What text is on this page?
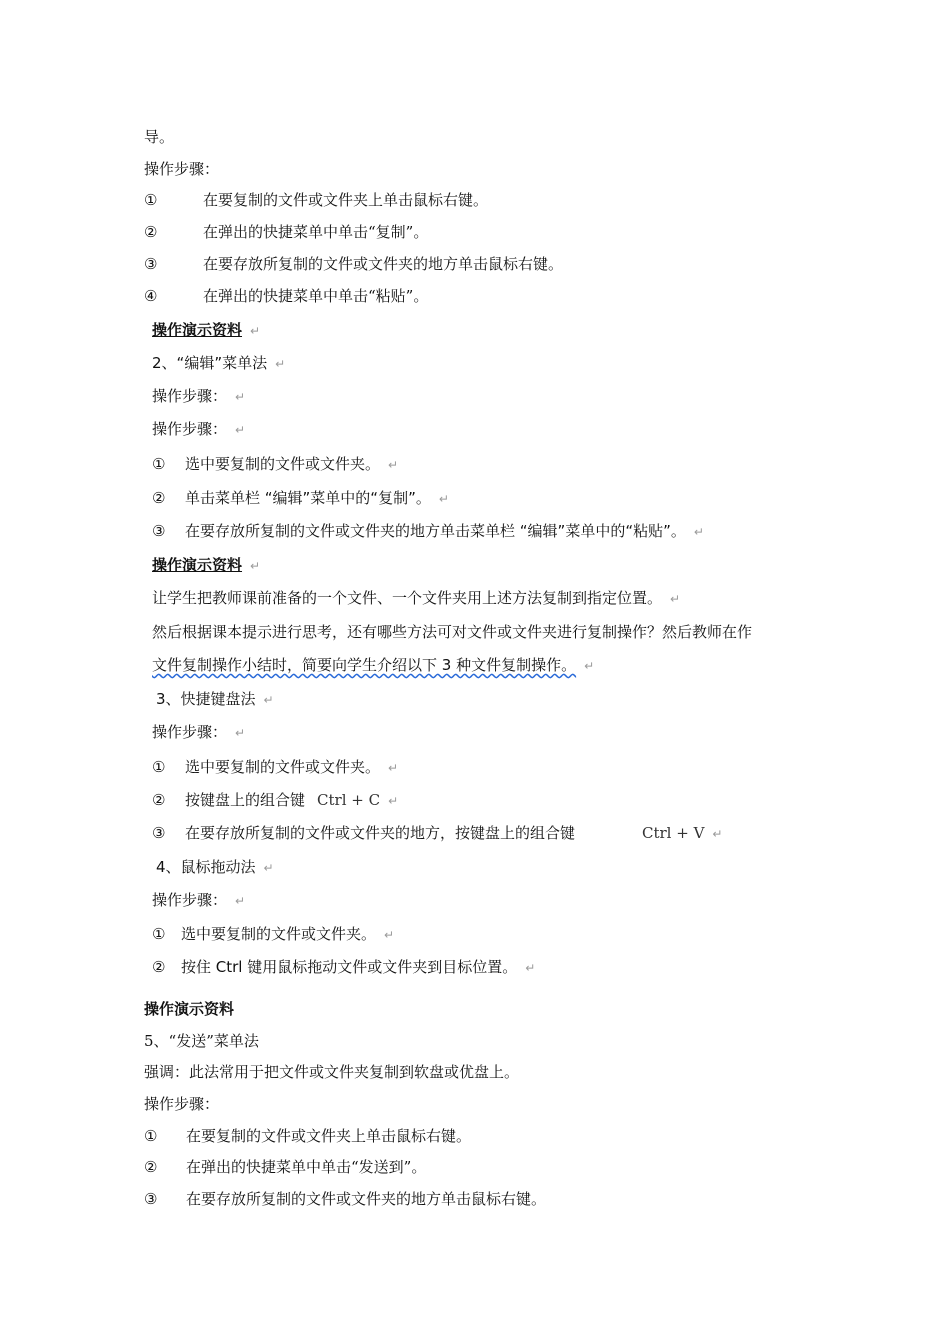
导。
操作步骤：
①	在要复制的文件或文件夹上单击鼠标右键。
②	在弹出的快捷菜单中单击“复制”。
③	在要存放所复制的文件或文件夹的地方单击鼠标右键。
④	在弹出的快捷菜单中单击“粘贴”。
操作演示资料 ↵
2、“编辑”菜单法 ↵
操作步骤： ↵
操作步骤： ↵
① 选中要复制的文件或文件夹。 ↵
② 单击菜单栏 “编辑”菜单中的“复制”。 ↵
③ 在要存放所复制的文件或文件夹的地方单击菜单栏 “编辑”菜单中的“粘贴”。 ↵
操作演示资料 ↵
让学生把教师课前准备的一个文件、一个文件夹用上述方法复制到指定位置。 ↵
然后根据课本提示进行思考，还有哪些方法可对文件或文件夹进行复制操作？然后教师在作
文件复制操作小结时，简要向学生介绍以下 3 种文件复制操作。 ↵
3、快捷键盘法 ↵
操作步骤： ↵
① 选中要复制的文件或文件夹。 ↵
② 按键盘上的组合键 Ctrl + C ↵
③ 在要存放所复制的文件或文件夹的地方，按键盘上的组合键	Ctrl + V ↵
4、鼠标拖动法 ↵
操作步骤： ↵
① 选中要复制的文件或文件夹。 ↵
② 按住 Ctrl 键用鼠标拖动文件或文件夹到目标位置。 ↵
操作演示资料
5、“发送”菜单法
强调：此法常用于把文件或文件夹复制到软盘或优盘上。
操作步骤：
① 在要复制的文件或文件夹上单击鼠标右键。
② 在弹出的快捷菜单中单击“发送到”。
③ 在要存放所复制的文件或文件夹的地方单击鼠标右键。
